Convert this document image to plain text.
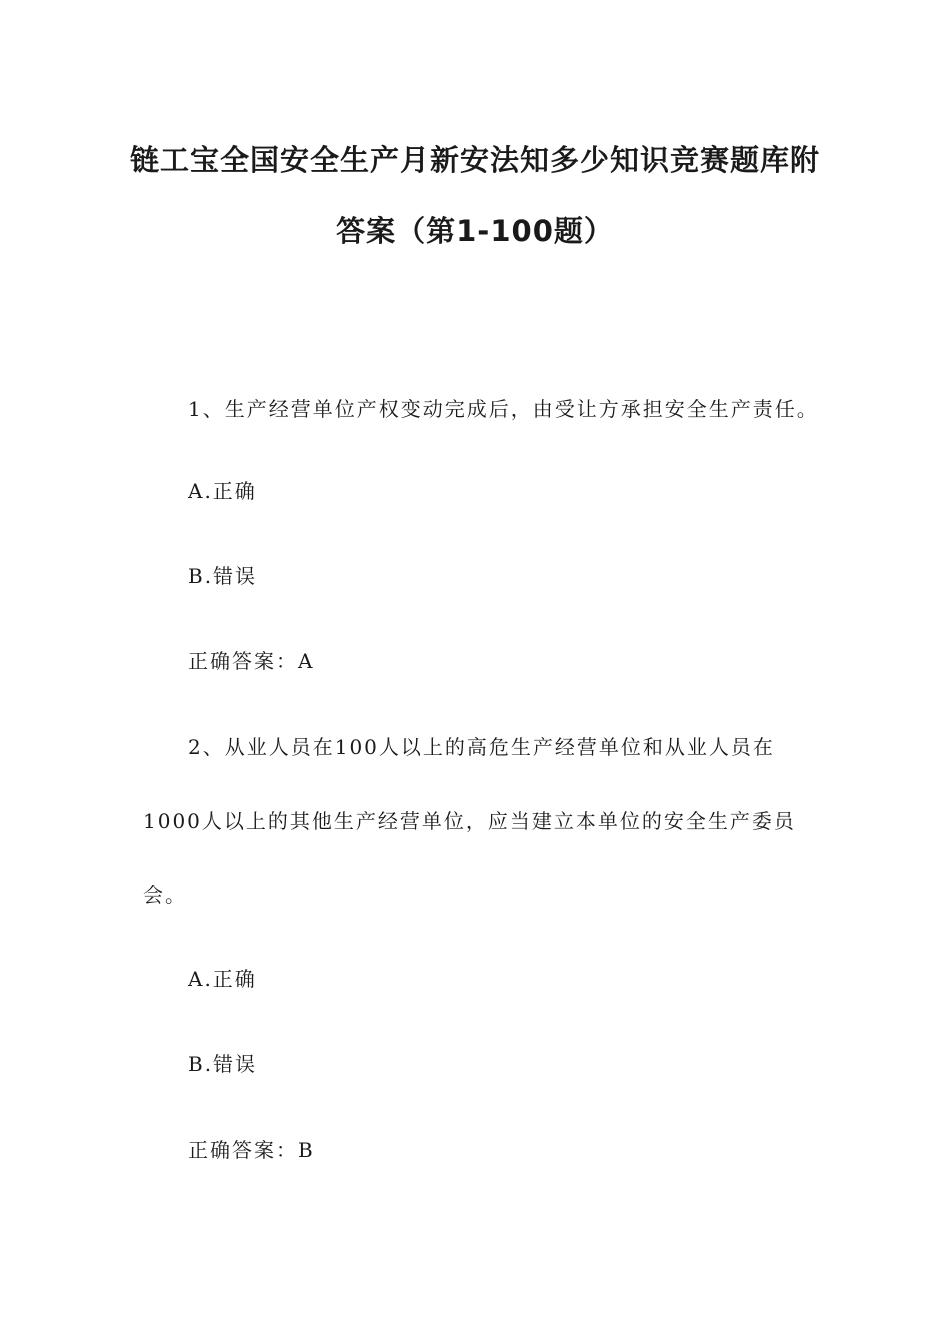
链工宝全国安全生产月新安法知多少知识竞赛题库附
答案（第1-100题）
1、生产经营单位产权变动完成后，由受让方承担安全生产责任。
A.正确
B.错误
正确答案：A
2、从业人员在100人以上的高危生产经营单位和从业人员在
1000人以上的其他生产经营单位，应当建立本单位的安全生产委员
会。
A.正确
B.错误
正确答案：B
